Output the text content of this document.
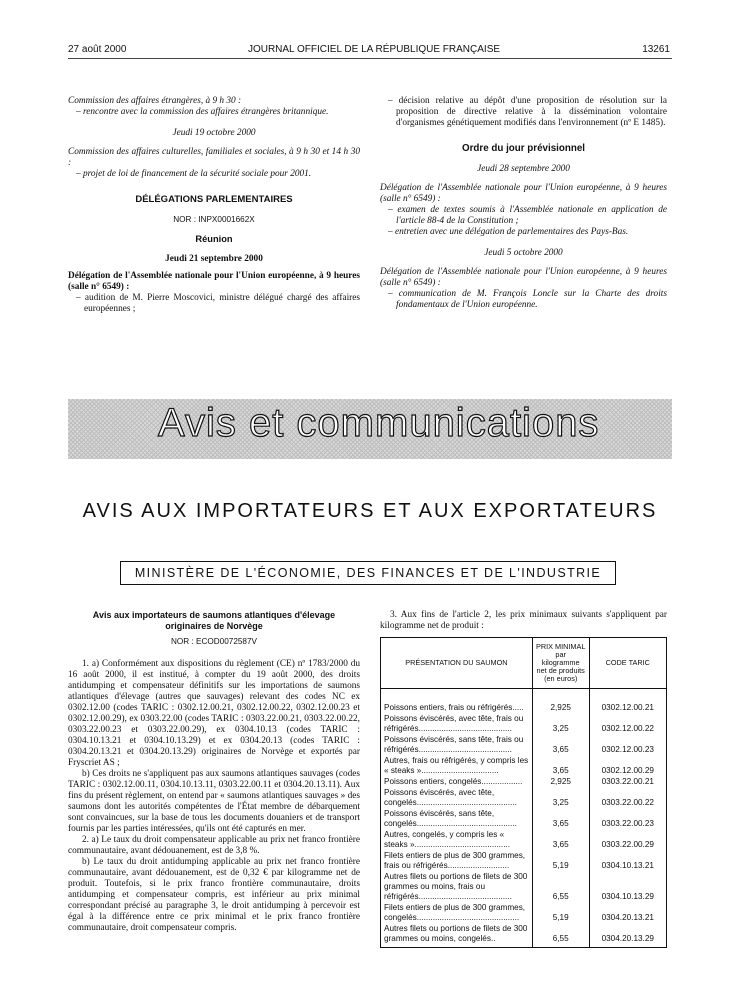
27 août 2000	JOURNAL OFFICIEL DE LA RÉPUBLIQUE FRANÇAISE	13261

Commission des affaires étrangères, à 9 h 30 :

– rencontre avec la commission des affaires étrangères britannique.

Jeudi 19 octobre 2000

Commission des affaires culturelles, familiales et sociales, à 9 h 30 et 14 h 30 :

– projet de loi de financement de la sécurité sociale pour 2001.

DÉLÉGATIONS PARLEMENTAIRES

NOR : INPX0001662X

Réunion

Jeudi 21 septembre 2000

Délégation de l'Assemblée nationale pour l'Union européenne, à 9 heures (salle n° 6549) :

– audition de M. Pierre Moscovici, ministre délégué chargé des affaires européennes ;

– décision relative au dépôt d'une proposition de résolution sur la proposition de directive relative à la dissémination volontaire d'organismes génétiquement modifiés dans l'environnement (nº E 1485).

Ordre du jour prévisionnel

Jeudi 28 septembre 2000

Délégation de l'Assemblée nationale pour l'Union européenne, à 9 heures (salle n° 6549) :

– examen de textes soumis à l'Assemblée nationale en application de l'article 88-4 de la Constitution ;

– entretien avec une délégation de parlementaires des Pays-Bas.

Jeudi 5 octobre 2000

Délégation de l'Assemblée nationale pour l'Union européenne, à 9 heures (salle n° 6549) :

– communication de M. François Loncle sur la Charte des droits fondamentaux de l'Union européenne.

Avis et communications
AVIS AUX IMPORTATEURS ET AUX EXPORTATEURS
MINISTÈRE DE L'ÉCONOMIE, DES FINANCES ET DE L'INDUSTRIE

Avis aux importateurs de saumons atlantiques d'élevage originaires de Norvège

NOR : ECOD0072587V

1. a) Conformément aux dispositions du règlement (CE) nº 1783/2000 du 16 août 2000, il est institué, à compter du 19 août 2000, des droits antidumping et compensateur définitifs sur les importations de saumons atlantiques d'élevage (autres que sauvages) relevant des codes NC ex 0302.12.00 (codes TARIC : 0302.12.00.21, 0302.12.00.22, 0302.12.00.23 et 0302.12.00.29), ex 0303.22.00 (codes TARIC : 0303.22.00.21, 0303.22.00.22, 0303.22.00.23 et 0303.22.00.29), ex 0304.10.13 (codes TARIC : 0304.10.13.21 et 0304.10.13.29) et ex 0304.20.13 (codes TARIC : 0304.20.13.21 et 0304.20.13.29) originaires de Norvège et exportés par Fryscriet AS ;

b) Ces droits ne s'appliquent pas aux saumons atlantiques sauvages (codes TARIC : 0302.12.00.11, 0304.10.13.11, 0303.22.00.11 et 0304.20.13.11). Aux fins du présent règlement, on entend par « saumons atlantiques sauvages » des saumons dont les autorités compétentes de l'État membre de débarquement sont convaincues, sur la base de tous les documents douaniers et de transport fournis par les parties intéressées, qu'ils ont été capturés en mer.

2. a) Le taux du droit compensateur applicable au prix net franco frontière communautaire, avant dédouanement, est de 3,8 %.

b) Le taux du droit antidumping applicable au prix net franco frontière communautaire, avant dédouanement, est de 0,32 € par kilogramme net de produit. Toutefois, si le prix franco frontière communautaire, droits antidumping et compensateur compris, est inférieur au prix minimal correspondant précisé au paragraphe 3, le droit antidumping à percevoir est égal à la différence entre ce prix minimal et le prix franco frontière communautaire, droit compensateur compris.

3. Aux fins de l'article 2, les prix minimaux suivants s'appliquent par kilogramme net de produit :

PRÉSENTATION DU SAUMON	PRIX MINIMAL par kilogramme net de produits (en euros)	CODE TARIC
Poissons entiers, frais ou réfrigérés.....	2,925	0302.12.00.21
Poissons éviscérés, avec tête, frais ou réfrigérés.........................................	3,25	0302.12.00.22
Poissons éviscérés, sans tête, frais ou réfrigérés.........................................	3,65	0302.12.00.23
Autres, frais ou réfrigérés, y compris les « steaks »..................................	3,65	0302.12.00.29
Poissons entiers, congelés..................	2,925	0303.22.00.21
Poissons éviscérés, avec tête, congelés............................................	3,25	0303.22.00.22
Poissons éviscérés, sans tête, congelés............................................	3,65	0303.22.00.23
Autres, congelés, y compris les « steaks »..........................................	3,65	0303.22.00.29
Filets entiers de plus de 300 grammes, frais ou réfrigérés...........................	5,19	0304.10.13.21
Autres filets ou portions de filets de 300 grammes ou moins, frais ou réfrigérés.........................................	6,55	0304.10.13.29
Filets entiers de plus de 300 grammes, congelés.............................................	5,19	0304.20.13.21
Autres filets ou portions de filets de 300 grammes ou moins, congelés..	6,55	0304.20.13.29
